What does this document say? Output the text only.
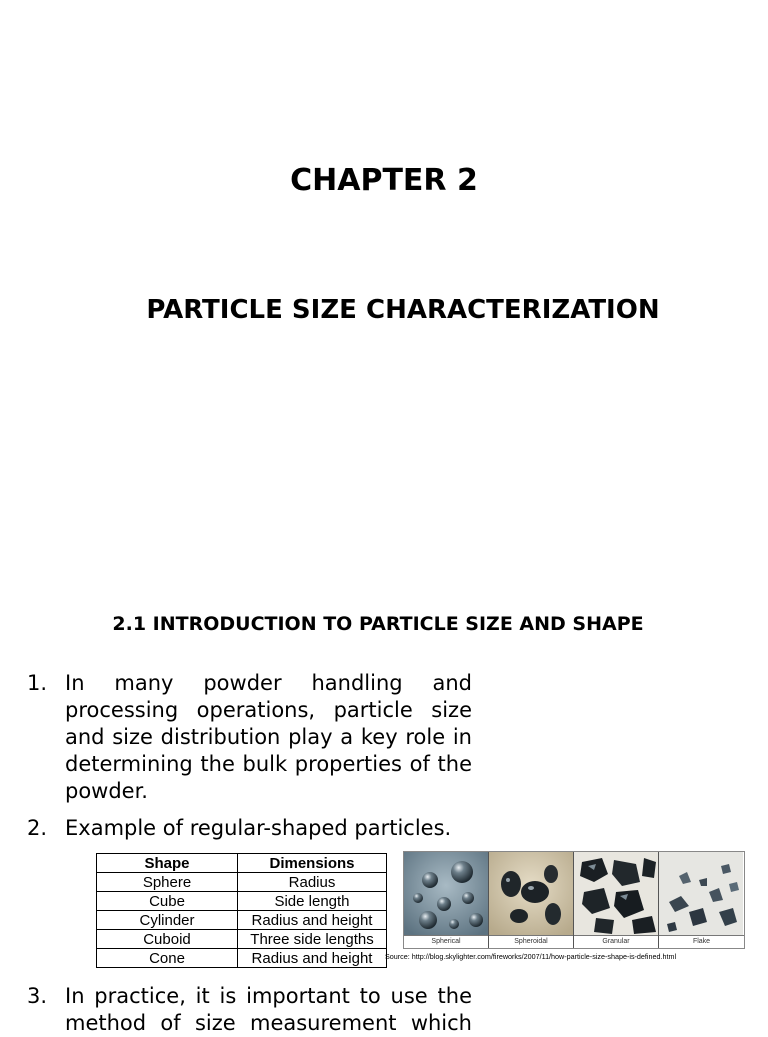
CHAPTER 2
PARTICLE SIZE CHARACTERIZATION
2.1 INTRODUCTION TO PARTICLE SIZE AND SHAPE
1. In many powder handling and processing operations, particle size and size distribution play a key role in determining the bulk properties of the powder.
2. Example of regular-shaped particles.
Shape	Dimensions
Sphere	Radius
Cube	Side length
Cylinder	Radius and height
Cuboid	Three side lengths
Cone	Radius and height
Spherical	Spheroidal	Granular	Flake
Source: http://blog.skylighter.com/fireworks/2007/11/how-particle-size-shape-is-defined.html
3. In practice, it is important to use the method of size measurement which
